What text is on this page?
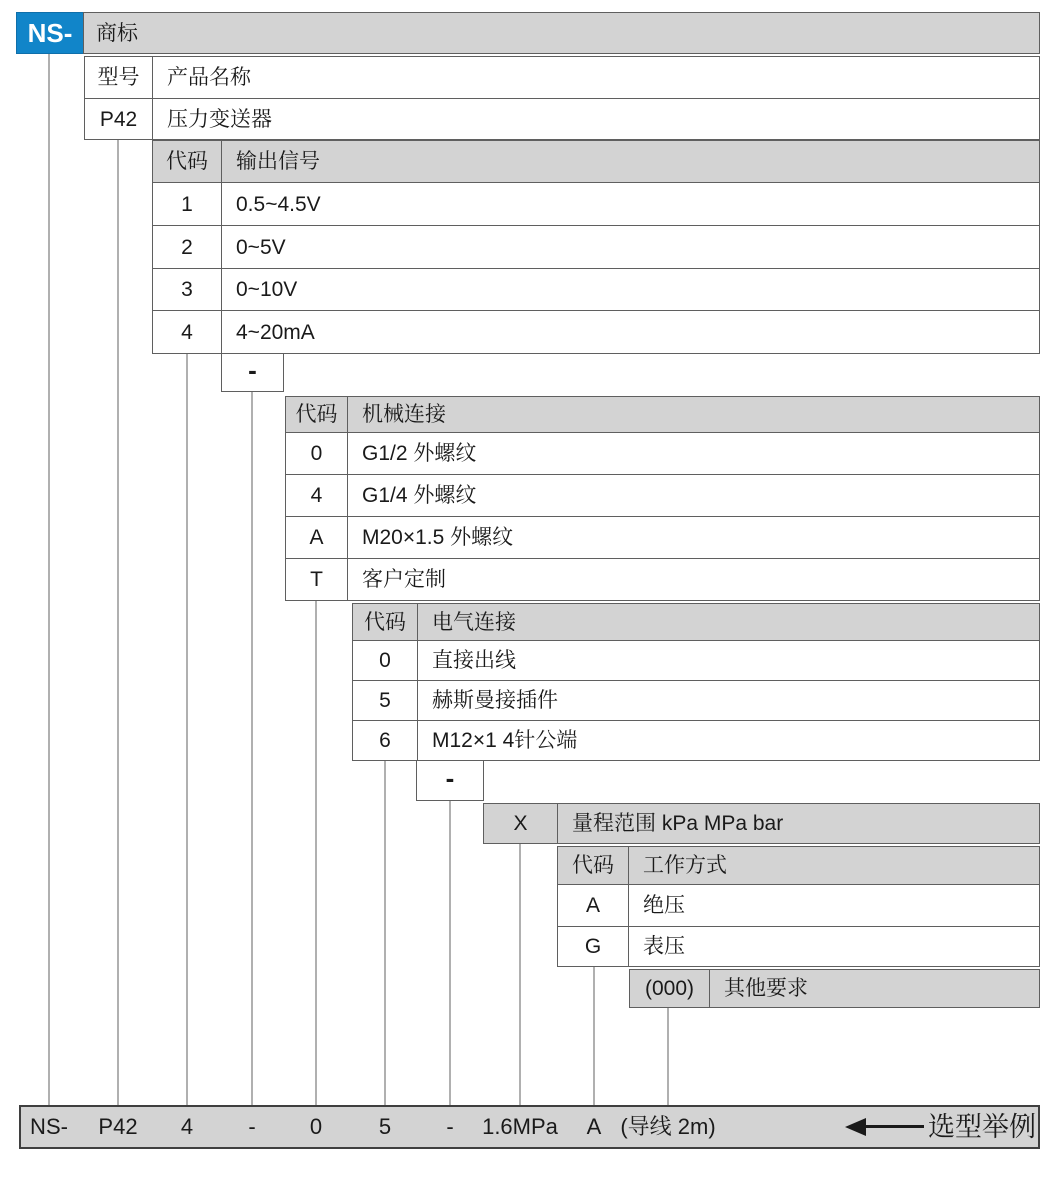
NS-	商标
型号	产品名称
P42	压力变送器
代码	输出信号
1	0.5~4.5V
2	0~5V
3	0~10V
4	4~20mA
-
代码	机械连接
0	G1/2 外螺纹
4	G1/4 外螺纹
A	M20×1.5 外螺纹
T	客户定制
代码	电气连接
0	直接出线
5	赫斯曼接插件
6	M12×1 4针公端
-
X	量程范围 kPa MPa bar
代码	工作方式
A	绝压
G	表压
(000)	其他要求
NS- P42 4	- 0	5	- 1.6MPa A (导线 2m)	选型举例
